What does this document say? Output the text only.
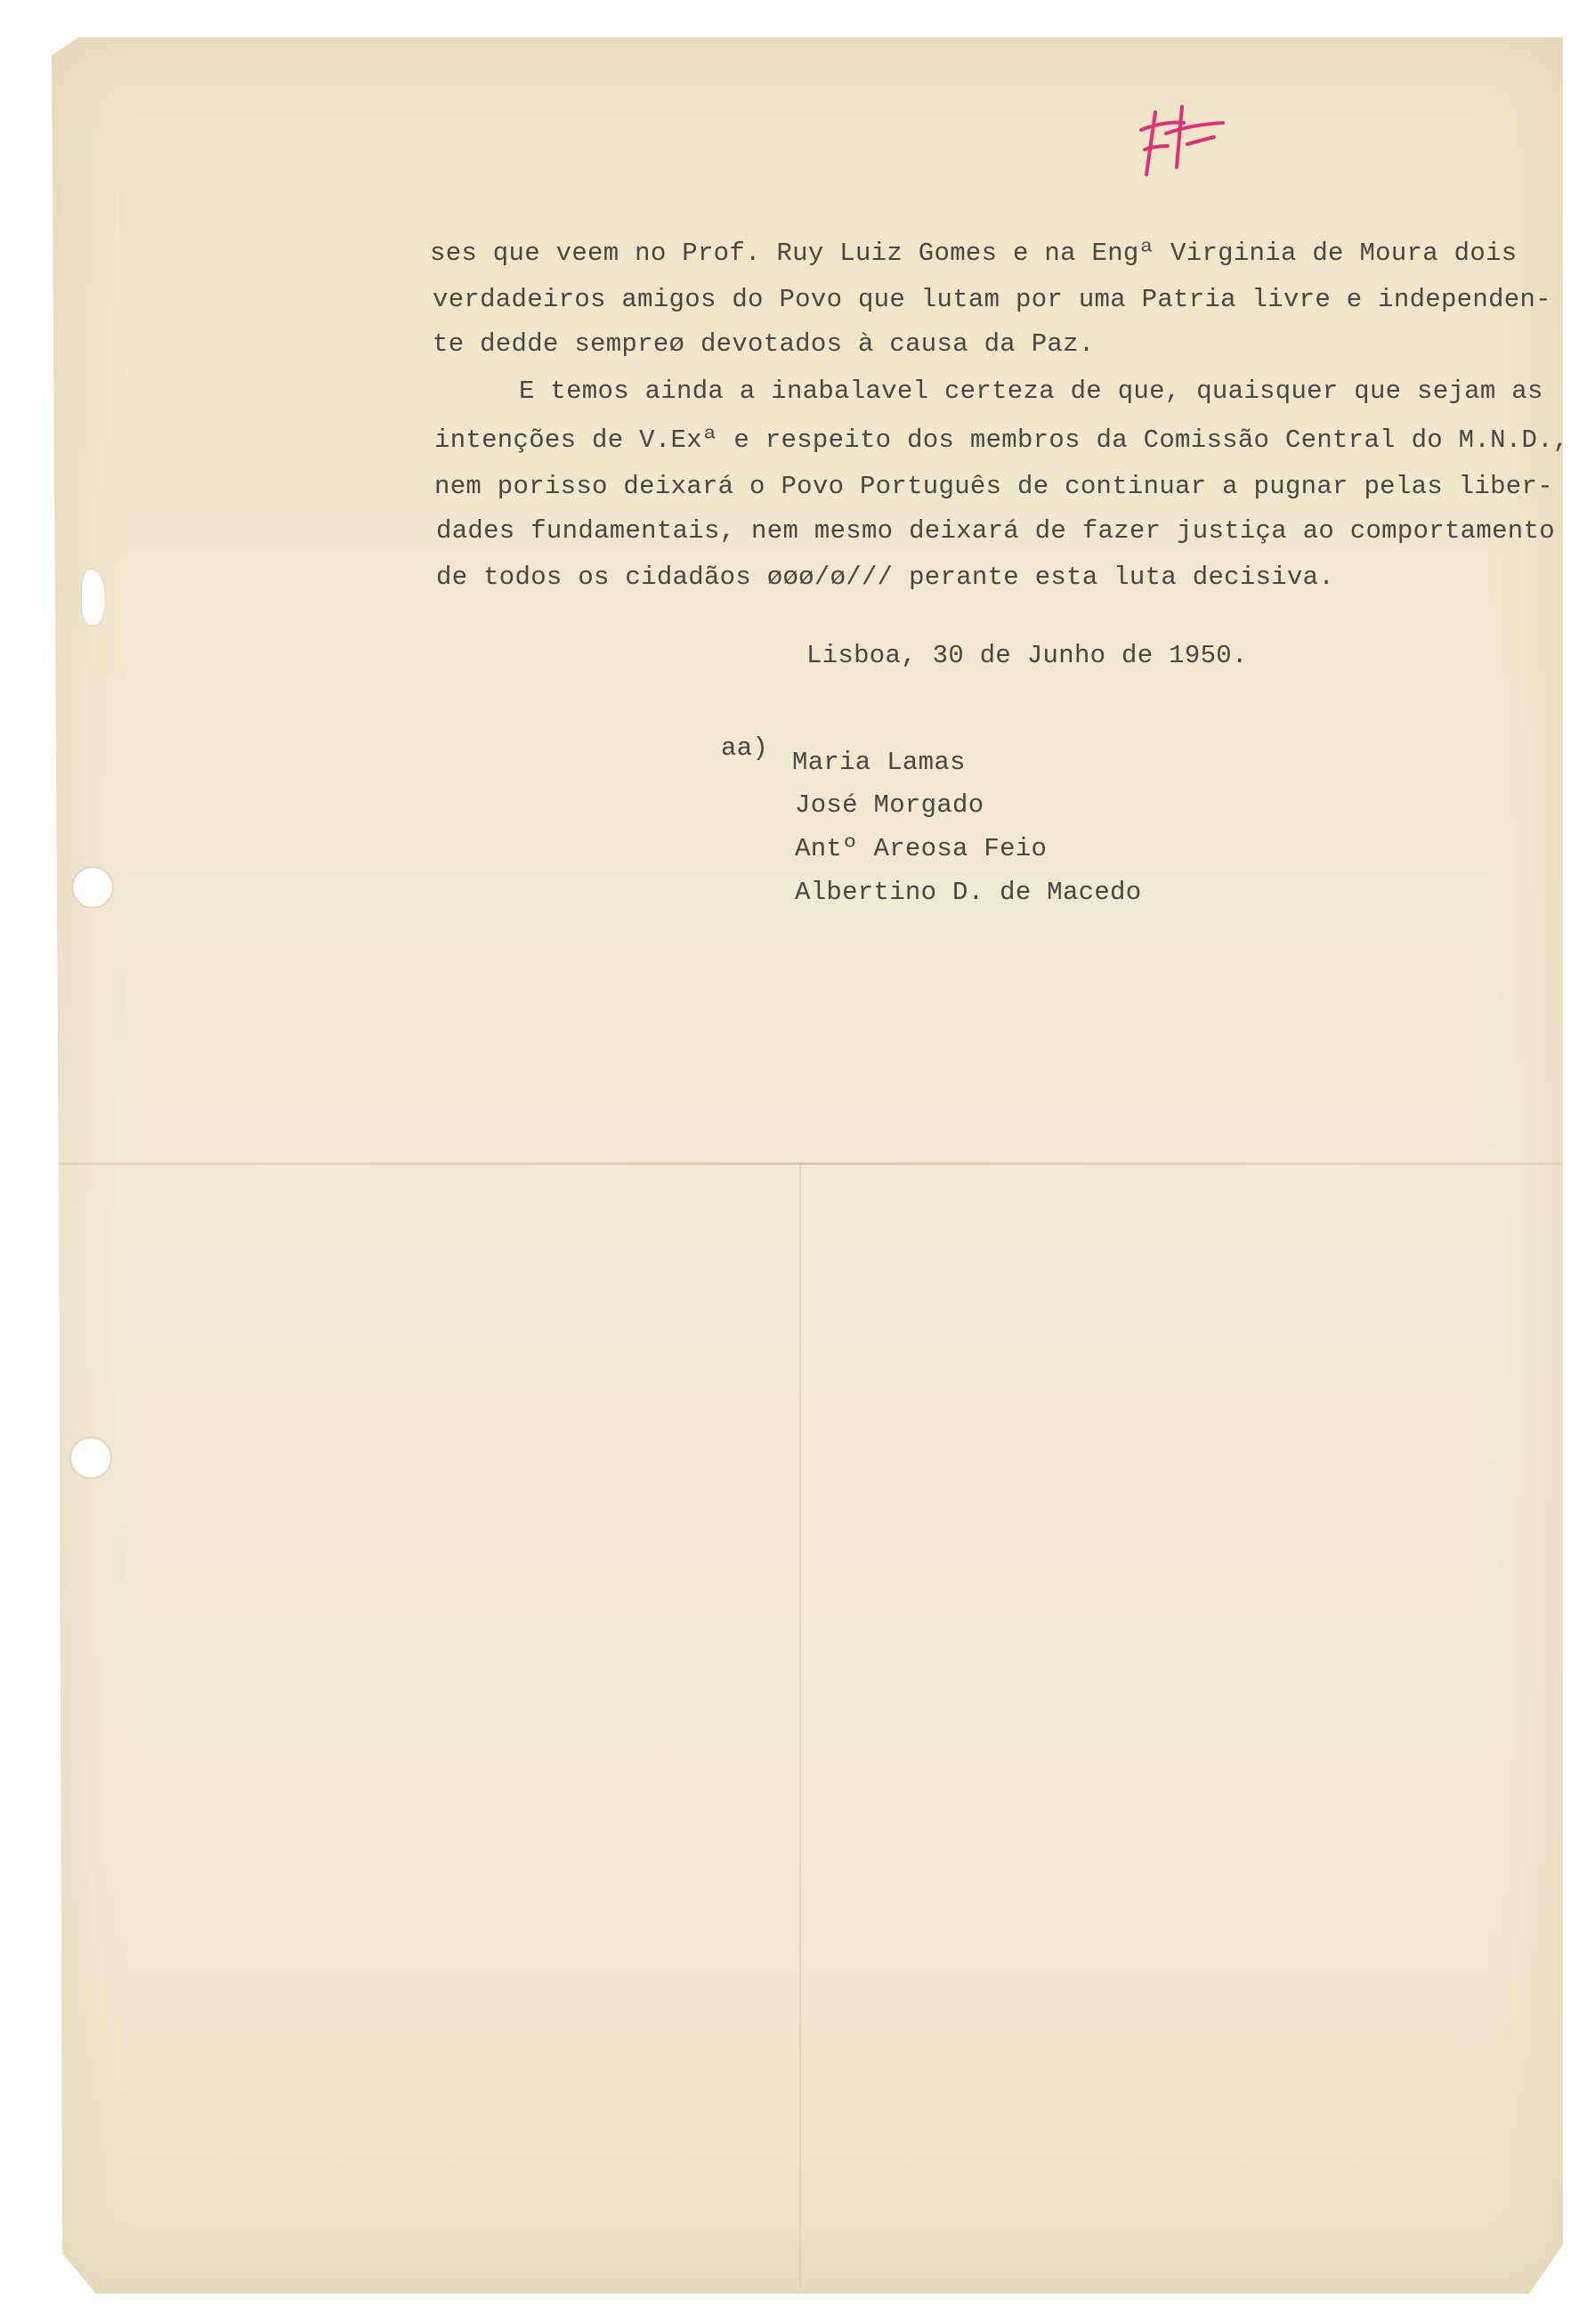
ses que veem no Prof. Ruy Luiz Gomes e na Engª Virginia de Moura dois
verdadeiros amigos do Povo que lutam por uma Patria livre e independen-
te dedde sempreø devotados à causa da Paz.
E temos ainda a inabalavel certeza de que, quaisquer que sejam as
intenções de V.Exª e respeito dos membros da Comissão Central do M.N.D.,
nem porisso deixará o Povo Português de continuar a pugnar pelas liber-
dades fundamentais, nem mesmo deixará de fazer justiça ao comportamento
de todos os cidadãos øøø/ø/// perante esta luta decisiva.
Lisboa, 30 de Junho de 1950.
aa) Maria Lamas
José Morgado
Antº Areosa Feio
Albertino D. de Macedo
